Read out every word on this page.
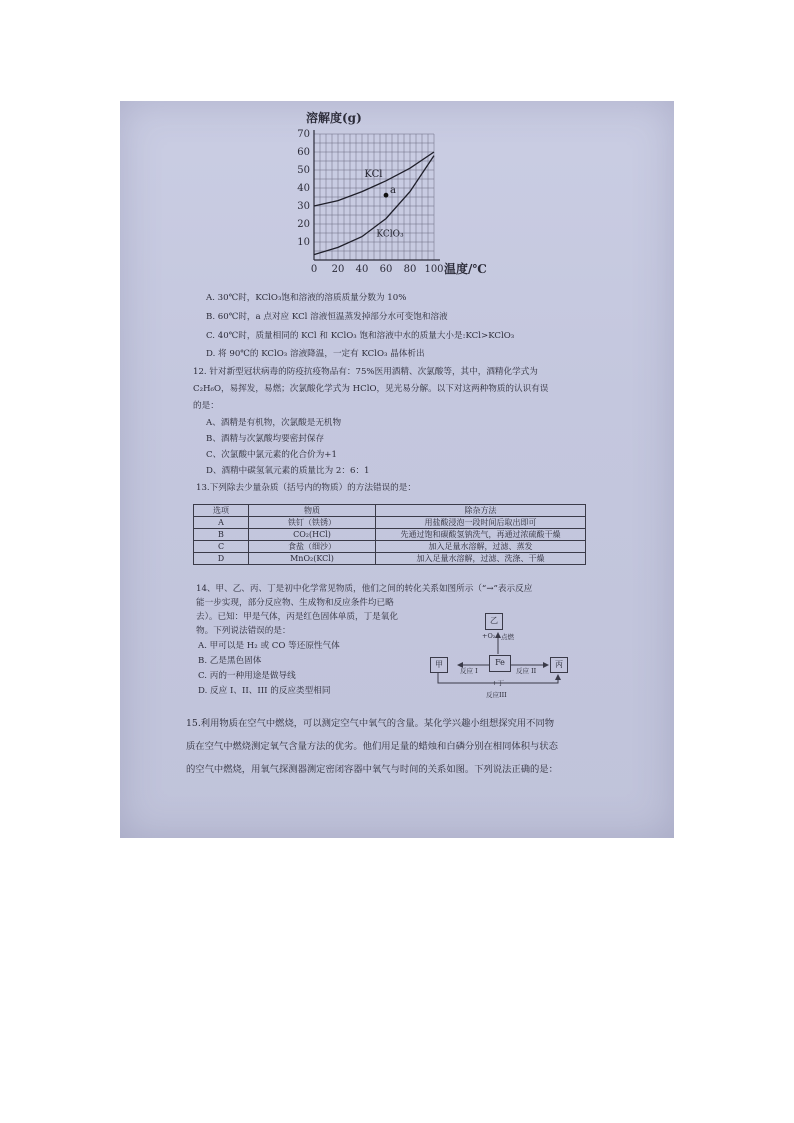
溶解度(g)
0 20 40 60 80 100
70
60
50
40
30
20
10
温度/℃
KCl
KClO₃
a
A. 30℃时，KClO₃饱和溶液的溶质质量分数为 10%
B. 60℃时，a 点对应 KCl 溶液恒温蒸发掉部分水可变饱和溶液
C. 40℃时，质量相同的 KCl 和 KClO₃ 饱和溶液中水的质量大小是:KCl>KClO₃
D. 将 90℃的 KClO₃ 溶液降温，一定有 KClO₃ 晶体析出
12. 针对新型冠状病毒的防疫抗疫物品有：75%医用酒精、次氯酸等，其中，酒精化学式为
C₂H₆O，易挥发，易燃；次氯酸化学式为 HClO，见光易分解。以下对这两种物质的认识有误
的是：
A、酒精是有机物，次氯酸是无机物
B、酒精与次氯酸均要密封保存
C、次氯酸中氯元素的化合价为+1
D、酒精中碳氢氧元素的质量比为 2：6：1
13.下列除去少量杂质（括号内的物质）的方法错误的是：
选项	物质	除杂方法
A	铁钉（铁锈）	用盐酸浸泡一段时间后取出即可
B	CO₂(HCl)	先通过饱和碳酸氢钠洗气，再通过浓硫酸干燥
C	食盐（细沙）	加入足量水溶解，过滤、蒸发
D	MnO₂(KCl)	加入足量水溶解，过滤、洗涤、干燥
14、甲、乙、丙、丁是初中化学常见物质，他们之间的转化关系如图所示（“→”表示反应
能一步实现，部分反应物、生成物和反应条件均已略
去）。已知：甲是气体，丙是红色固体单质，丁是氧化
物。下列说法错误的是：
A. 甲可以是 H₂ 或 CO 等还原性气体
B. 乙是黑色固体
C. 丙的一种用途是做导线
D. 反应 I、II、III 的反应类型相同
乙
Fe
甲	丙
+O₂ 点燃
反应 I	反应 II
+丁
反应III
15.利用物质在空气中燃烧，可以测定空气中氧气的含量。某化学兴趣小组想探究用不同物
质在空气中燃烧测定氧气含量方法的优劣。他们用足量的蜡烛和白磷分别在相同体积与状态
的空气中燃烧，用氧气探测器测定密闭容器中氧气与时间的关系如图。下列说法正确的是：
